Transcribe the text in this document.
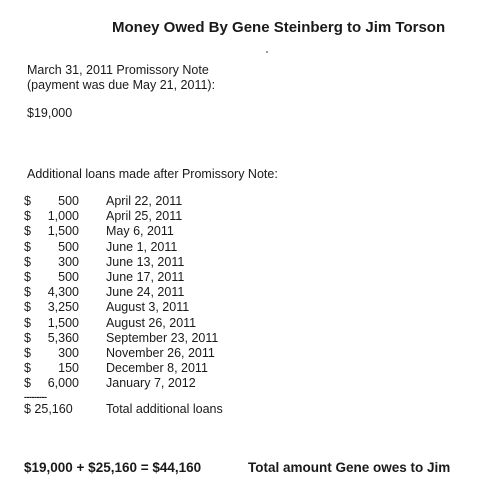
Money Owed By Gene Steinberg to Jim Torson
March 31, 2011 Promissory Note
(payment was due May 21, 2011):
$19,000
Additional loans made after Promissory Note:
$	500 April 22, 2011
$	1,000 April 25, 2011
$	1,500 May 6, 2011
$	500 June 1, 2011
$	300 June 13, 2011
$	500 June 17, 2011
$	4,300 June 24, 2011
$	3,250 August 3, 2011
$	1,500 August 26, 2011
$	5,360 September 23, 2011
$	300 November 26, 2011
$	150 December 8, 2011
$	6,000 January 7, 2012
---------
$ 25,160	Total additional loans
$19,000 + $25,160 = $44,160	Total amount Gene owes to Jim
